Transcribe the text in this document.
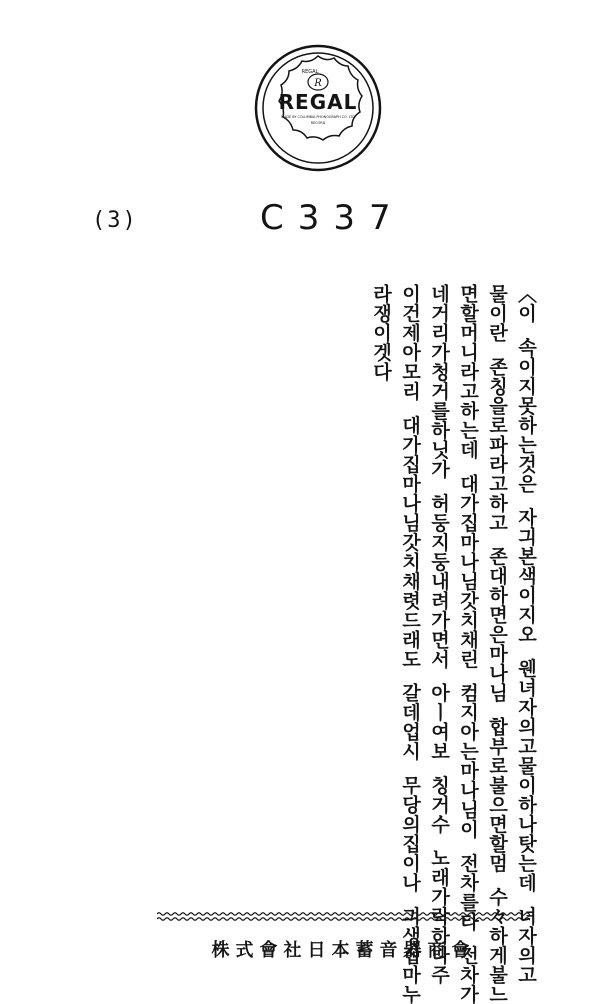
R
REGAL
REGAL
MADE BY COLUMBIA PHONOGRAPH CO. LTD
RECORD
(3)	C337
〈이  속이지못하는것은  자긔본색이지오  웬녀자의고물이하나탓는데  녀자의고
물이란  존칭을로파라고하고  존대하면은마나님  합부로불으면할멈  수々하게불느
면할머니라고하는데  대가집마나님갓치채린  컴지아는마나님이  전차를타  전차가
네거리가청거를하닛가  허둥지둥내려가면서  아ㅣ여보  칭거수  노래가락하나주
이건제아모리  대가집마나님갓치채렷드래도  갈데업시  무당의집이나  긔생집마누
라쟁이겟다
株式會社日本蓄音器商會
